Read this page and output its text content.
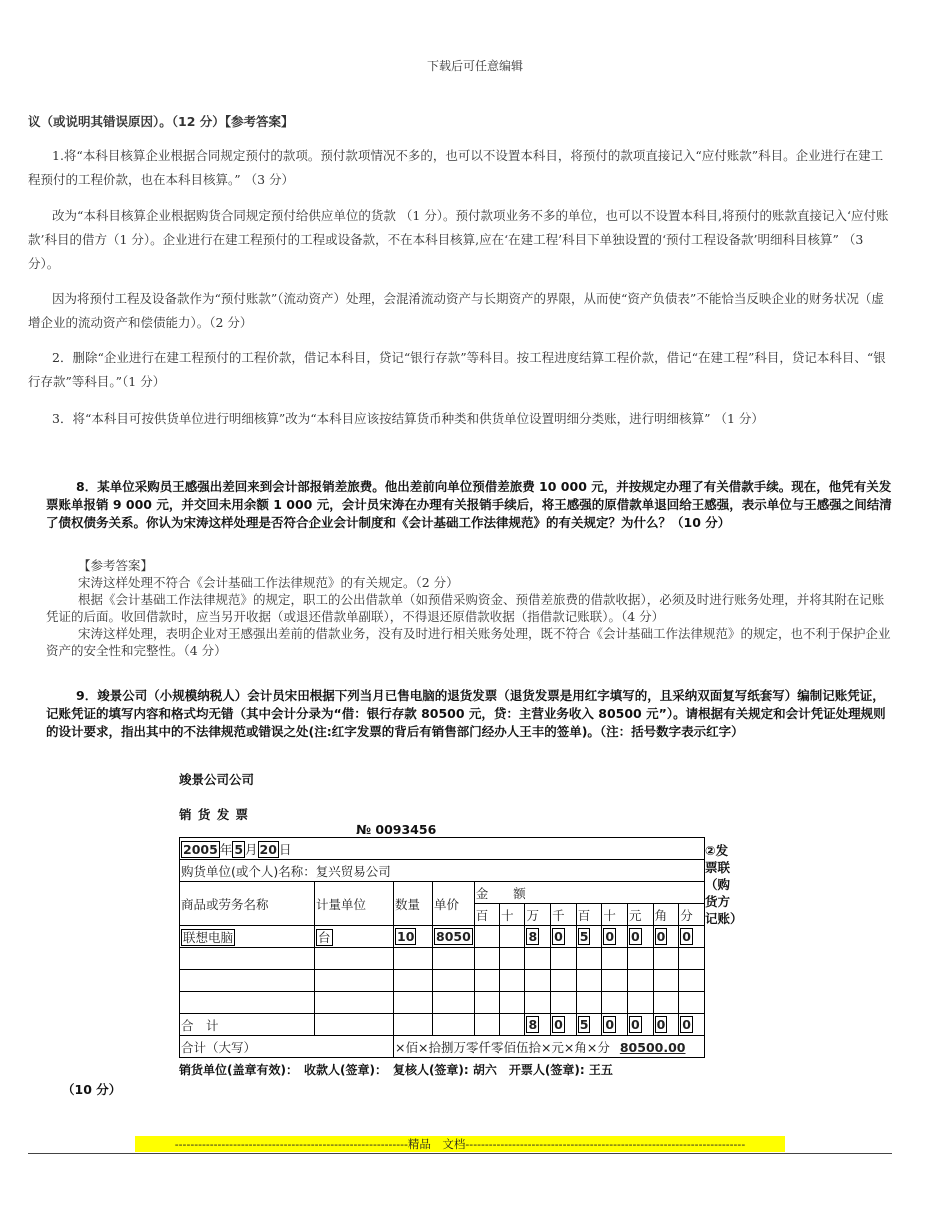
下载后可任意编辑
议（或说明其错误原因）。（12 分）【参考答案】
1.将“本科目核算企业根据合同规定预付的款项。预付款项情况不多的，也可以不设置本科目，将预付的款项直接记入“应付账款”科目。企业进行在建工程预付的工程价款，也在本科目核算。” （3 分）
改为“本科目核算企业根据购货合同规定预付给供应单位的货款 （1 分）。预付款项业务不多的单位，也可以不设置本科目,将预付的账款直接记入‘应付账款’科目的借方（1 分）。企业进行在建工程预付的工程或设备款，不在本科目核算,应在‘在建工程’科目下单独设置的‘预付工程设备款’明细科目核算” （3 分）。
因为将预付工程及设备款作为“预付账款”（流动资产）处理，会混淆流动资产与长期资产的界限，从而使“资产负债表”不能恰当反映企业的财务状况（虚增企业的流动资产和偿债能力）。（2 分）
2．删除“企业进行在建工程预付的工程价款，借记本科目，贷记“银行存款”等科目。按工程进度结算工程价款，借记“在建工程”科目，贷记本科目、“银行存款”等科目。”（1 分）
3．将“本科目可按供货单位进行明细核算”改为“本科目应该按结算货币种类和供货单位设置明细分类账，进行明细核算” （1 分）
8．某单位采购员王感强出差回来到会计部报销差旅费。他出差前向单位预借差旅费 10 000 元，并按规定办理了有关借款手续。现在，他凭有关发票账单报销 9 000 元，并交回未用余额 1 000 元，会计员宋涛在办理有关报销手续后，将王感强的原借款单退回给王感强，表示单位与王感强之间结清了债权债务关系。你认为宋涛这样处理是否符合企业会计制度和《会计基础工作法律规范》的有关规定？为什么？（10 分）
【参考答案】
宋涛这样处理不符合《会计基础工作法律规范》的有关规定。（2 分）
根据《会计基础工作法律规范》的规定，职工的公出借款单（如预借采购资金、预借差旅费的借款收据），必须及时进行账务处理，并将其附在记账凭证的后面。收回借款时，应当另开收据（或退还借款单副联），不得退还原借款收据（指借款记账联）。（4 分）
宋涛这样处理，表明企业对王感强出差前的借款业务，没有及时进行相关账务处理，既不符合《会计基础工作法律规范》的规定，也不利于保护企业资产的安全性和完整性。（4 分）
9．竣景公司（小规模纳税人）会计员宋田根据下列当月已售电脑的退货发票（退货发票是用红字填写的，且采纳双面复写纸套写）编制记账凭证，记账凭证的填写内容和格式均无错（其中会计分录为“借：银行存款 80500 元，贷：主营业务收入 80500 元”）。请根据有关规定和会计凭证处理规则的设计要求，指出其中的不法律规范或错误之处(注:红字发票的背后有销售部门经办人王丰的签单)。（注：括号数字表示红字）
竣景公司公司
销 货 发 票
№ 0093456
2005 年 5 月 20 日												
购货单位(或个人)名称：复兴贸易公司												
商品或劳务名称	计量单位	数量	单价	金　　额								
				百	十	万	千	百	十	元	角	分
联想电脑	台	10	8050			8	0	5	0	0	0	0

合　计						8	0	5	0	0	0	0
合计（大写）		×佰×拾捌万零仟零佰伍拾×元×角×分 80500.00										
②发票联（购货方记账）
销货单位(盖章有效)：　收款人(签章)：　复核人(签章): 胡六　开票人(签章): 王五
（10 分）
------------------------------------------------------------精品　文档------------------------------------------------------------------------
